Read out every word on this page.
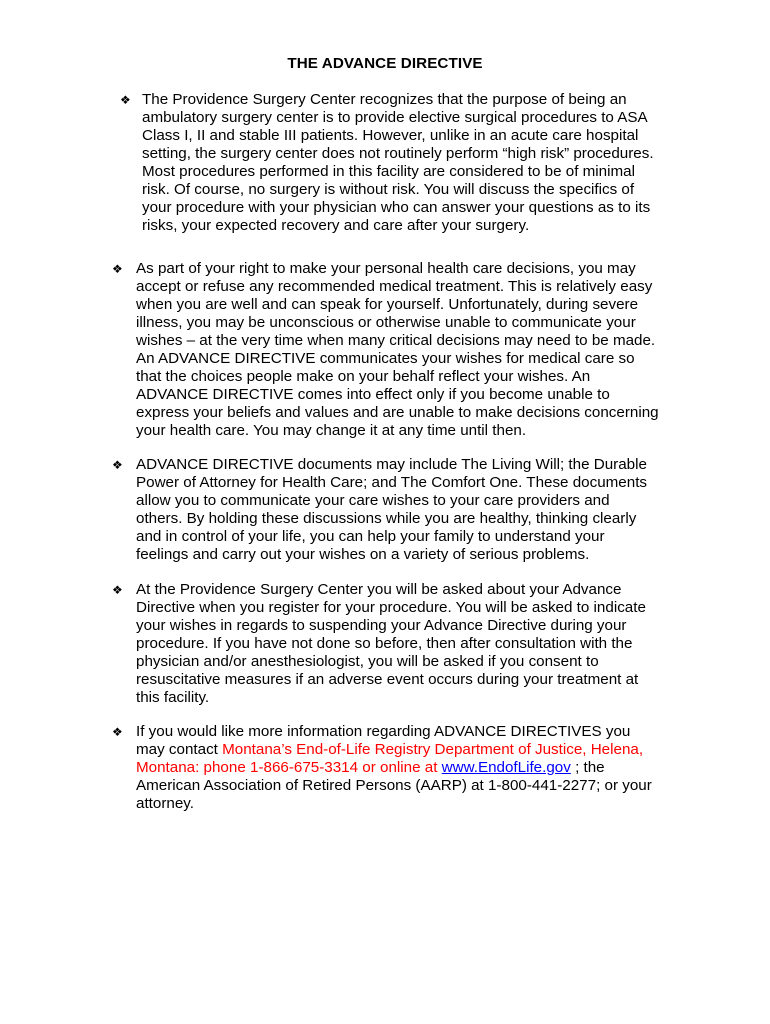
THE ADVANCE DIRECTIVE
❖ The Providence Surgery Center recognizes that the purpose of being an
ambulatory surgery center is to provide elective surgical procedures to ASA
Class I, II and stable III patients. However, unlike in an acute care hospital
setting, the surgery center does not routinely perform “high risk” procedures.
Most procedures performed in this facility are considered to be of minimal
risk. Of course, no surgery is without risk. You will discuss the specifics of
your procedure with your physician who can answer your questions as to its
risks, your expected recovery and care after your surgery.
❖ As part of your right to make your personal health care decisions, you may
accept or refuse any recommended medical treatment. This is relatively easy
when you are well and can speak for yourself. Unfortunately, during severe
illness, you may be unconscious or otherwise unable to communicate your
wishes – at the very time when many critical decisions may need to be made.
An ADVANCE DIRECTIVE communicates your wishes for medical care so
that the choices people make on your behalf reflect your wishes. An
ADVANCE DIRECTIVE comes into effect only if you become unable to
express your beliefs and values and are unable to make decisions concerning
your health care. You may change it at any time until then.
❖ ADVANCE DIRECTIVE documents may include The Living Will; the Durable
Power of Attorney for Health Care; and The Comfort One. These documents
allow you to communicate your care wishes to your care providers and
others. By holding these discussions while you are healthy, thinking clearly
and in control of your life, you can help your family to understand your
feelings and carry out your wishes on a variety of serious problems.
❖ At the Providence Surgery Center you will be asked about your Advance
Directive when you register for your procedure. You will be asked to indicate
your wishes in regards to suspending your Advance Directive during your
procedure. If you have not done so before, then after consultation with the
physician and/or anesthesiologist, you will be asked if you consent to
resuscitative measures if an adverse event occurs during your treatment at
this facility.
❖ If you would like more information regarding ADVANCE DIRECTIVES you
may contact Montana’s End-of-Life Registry Department of Justice, Helena,
Montana: phone 1-866-675-3314 or online at www.EndofLife.gov ; the
American Association of Retired Persons (AARP) at 1-800-441-2277; or your
attorney.
